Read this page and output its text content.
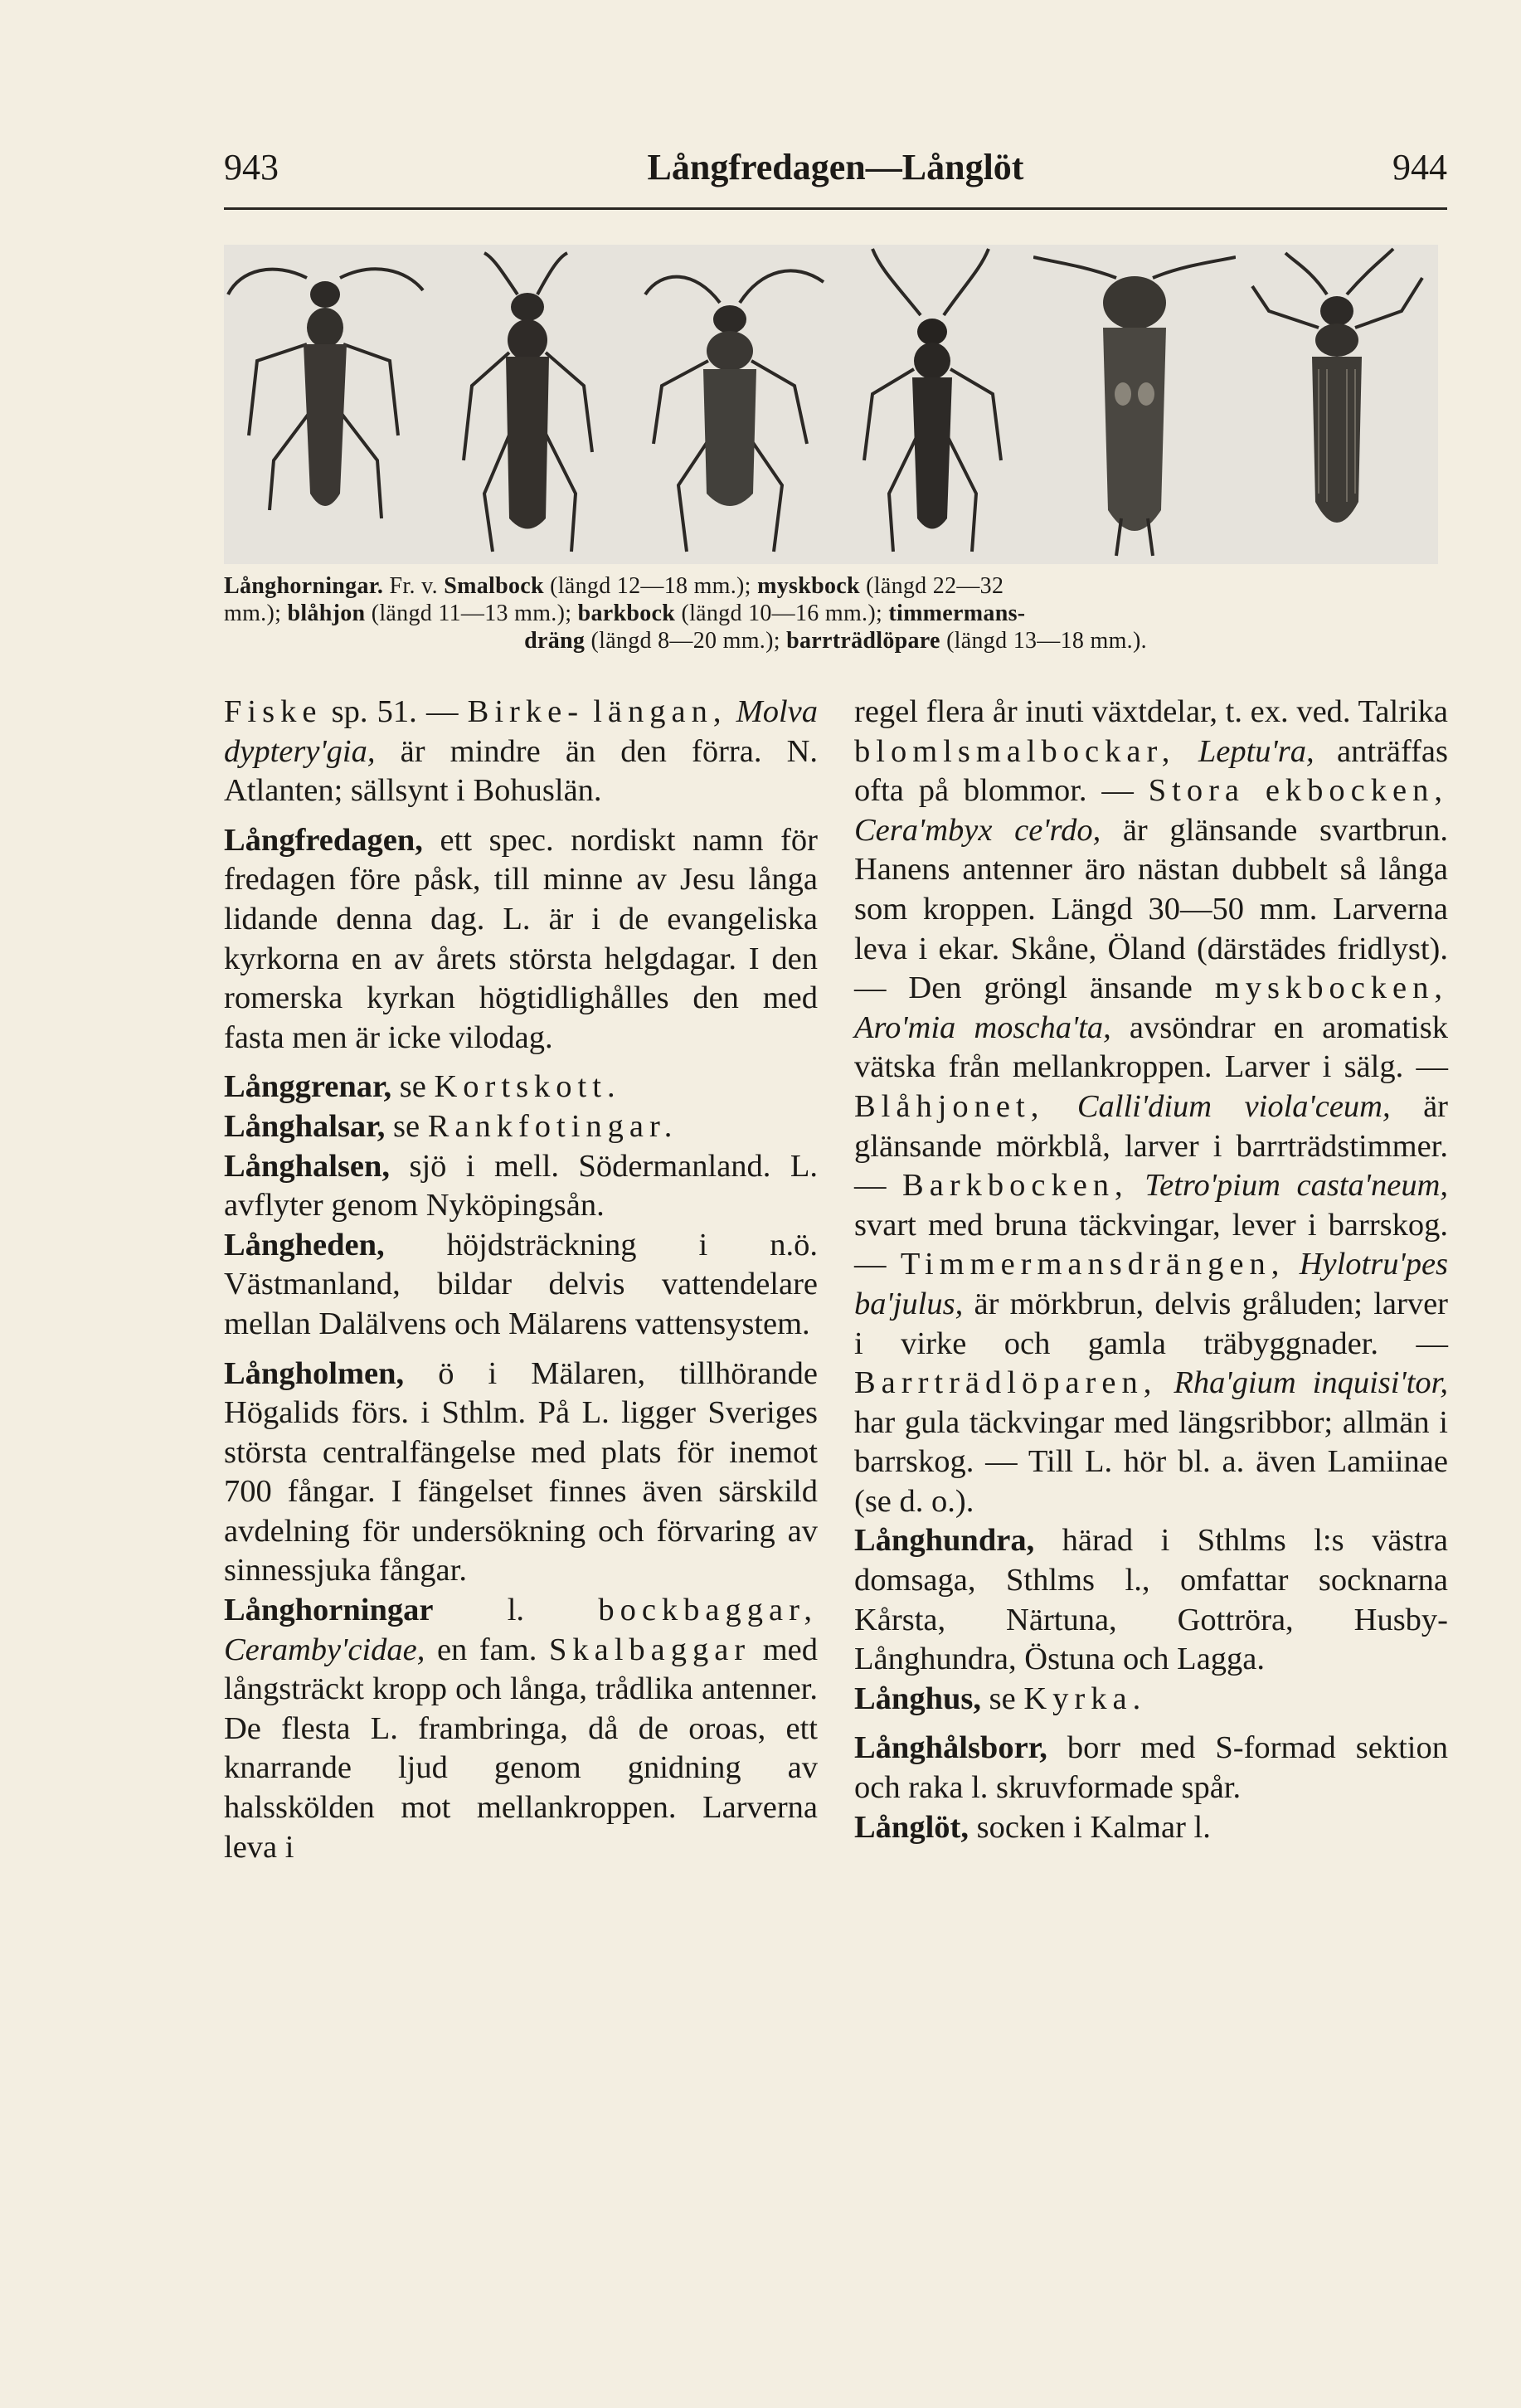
943	Långfredagen—Långlöt	944
Långhorningar. Fr. v. Smalbock (längd 12—18 mm.); myskbock (längd 22—32
mm.); blåhjon (längd 11—13 mm.); barkbock (längd 10—16 mm.); timmermans-
dräng (längd 8—20 mm.); barrträdlöpare (längd 13—18 mm.).
Fiske sp. 51. — Birke- längan, Molva dyptery'gia, är mindre än den förra. N. Atlanten; sällsynt i Bohuslän.
Långfredagen, ett spec. nordiskt namn för fredagen före påsk, till minne av Jesu långa lidande denna dag. L. är i de evangeliska kyrkorna en av årets största helgdagar. I den romerska kyrkan högtidlighålles den med fasta men är icke vilodag.
Långgrenar, se Kortskott.
Långhalsar, se Rankfotingar.
Långhalsen, sjö i mell. Södermanland. L. avflyter genom Nyköpingsån.
Långheden, höjdsträckning i n.ö. Västmanland, bildar delvis vattendelare mellan Dalälvens och Mälarens vattensystem.
Långholmen, ö i Mälaren, tillhörande Högalids förs. i Sthlm. På L. ligger Sveriges största centralfängelse med plats för inemot 700 fångar. I fängelset finnes även särskild avdelning för undersökning och förvaring av sinnessjuka fångar.
Långhorningar l. bockbaggar, Ceramby'cidae, en fam. Skalbaggar med långsträckt kropp och långa, trådlika antenner. De flesta L. frambringa, då de oroas, ett knarrande ljud genom gnidning av halsskölden mot mellankroppen. Larverna leva i
regel flera år inuti växtdelar, t. ex. ved. Talrika blomlsmalbockar, Leptu'ra, anträffas ofta på blommor. — Stora ekbocken, Cera'mbyx ce'rdo, är glänsande svartbrun. Hanens antenner äro nästan dubbelt så långa som kroppen. Längd 30—50 mm. Larverna leva i ekar. Skåne, Öland (därstädes fridlyst). — Den gröngl änsande myskbocken, Aro'mia moscha'ta, avsöndrar en aromatisk vätska från mellankroppen. Larver i sälg. — Blåhjonet, Calli'dium viola'ceum, är glänsande mörkblå, larver i barrträdstimmer. — Barkbocken, Tetro'pium casta'neum, svart med bruna täckvingar, lever i barrskog. — Timmermansdrängen, Hylotru'pes ba'julus, är mörkbrun, delvis gråluden; larver i virke och gamla träbyggnader. — Barrträdlöparen, Rha'gium inquisi'tor, har gula täckvingar med längsribbor; allmän i barrskog. — Till L. hör bl. a. även Lamiinae (se d. o.).
Långhundra, härad i Sthlms l:s västra domsaga, Sthlms l., omfattar socknarna Kårsta, Närtuna, Gottröra, Husby-Långhundra, Östuna och Lagga.
Långhus, se Kyrka.
Långhålsborr, borr med S-formad sektion och raka l. skruvformade spår.
Långlöt, socken i Kalmar l.
